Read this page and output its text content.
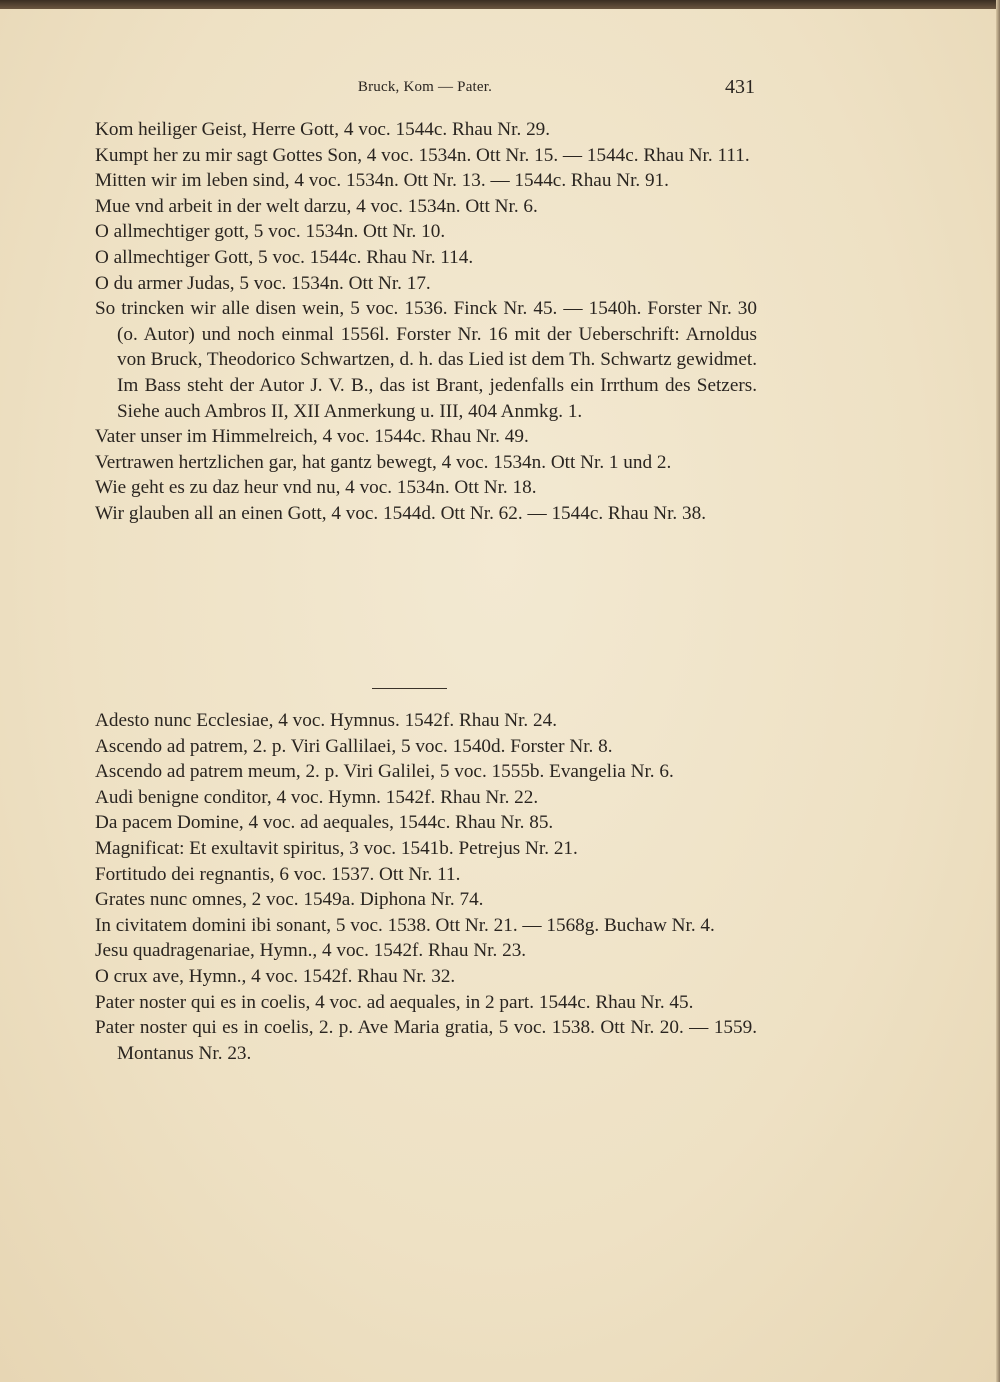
Bruck, Kom — Pater.	431
Kom heiliger Geist, Herre Gott, 4 voc. 1544c. Rhau Nr. 29.
Kumpt her zu mir sagt Gottes Son, 4 voc. 1534n. Ott Nr. 15. — 1544c. Rhau Nr. 111.
Mitten wir im leben sind, 4 voc. 1534n. Ott Nr. 13. — 1544c. Rhau Nr. 91.
Mue vnd arbeit in der welt darzu, 4 voc. 1534n. Ott Nr. 6.
O allmechtiger gott, 5 voc. 1534n. Ott Nr. 10.
O allmechtiger Gott, 5 voc. 1544c. Rhau Nr. 114.
O du armer Judas, 5 voc. 1534n. Ott Nr. 17.
So trincken wir alle disen wein, 5 voc. 1536. Finck Nr. 45. — 1540h. Forster Nr. 30 (o. Autor) und noch einmal 1556l. Forster Nr. 16 mit der Ueberschrift: Arnoldus von Bruck, Theodorico Schwartzen, d. h. das Lied ist dem Th. Schwartz gewidmet. Im Bass steht der Autor J. V. B., das ist Brant, jedenfalls ein Irrthum des Setzers. Siehe auch Ambros II, XII Anmerkung u. III, 404 Anmkg. 1.
Vater unser im Himmelreich, 4 voc. 1544c. Rhau Nr. 49.
Vertrawen hertzlichen gar, hat gantz bewegt, 4 voc. 1534n. Ott Nr. 1 und 2.
Wie geht es zu daz heur vnd nu, 4 voc. 1534n. Ott Nr. 18.
Wir glauben all an einen Gott, 4 voc. 1544d. Ott Nr. 62. — 1544c. Rhau Nr. 38.
Adesto nunc Ecclesiae, 4 voc. Hymnus. 1542f. Rhau Nr. 24.
Ascendo ad patrem, 2. p. Viri Gallilaei, 5 voc. 1540d. Forster Nr. 8.
Ascendo ad patrem meum, 2. p. Viri Galilei, 5 voc. 1555b. Evangelia Nr. 6.
Audi benigne conditor, 4 voc. Hymn. 1542f. Rhau Nr. 22.
Da pacem Domine, 4 voc. ad aequales, 1544c. Rhau Nr. 85.
Magnificat: Et exultavit spiritus, 3 voc. 1541b. Petrejus Nr. 21.
Fortitudo dei regnantis, 6 voc. 1537. Ott Nr. 11.
Grates nunc omnes, 2 voc. 1549a. Diphona Nr. 74.
In civitatem domini ibi sonant, 5 voc. 1538. Ott Nr. 21. — 1568g. Buchaw Nr. 4.
Jesu quadragenariae, Hymn., 4 voc. 1542f. Rhau Nr. 23.
O crux ave, Hymn., 4 voc. 1542f. Rhau Nr. 32.
Pater noster qui es in coelis, 4 voc. ad aequales, in 2 part. 1544c. Rhau Nr. 45.
Pater noster qui es in coelis, 2. p. Ave Maria gratia, 5 voc. 1538. Ott Nr. 20. — 1559. Montanus Nr. 23.
